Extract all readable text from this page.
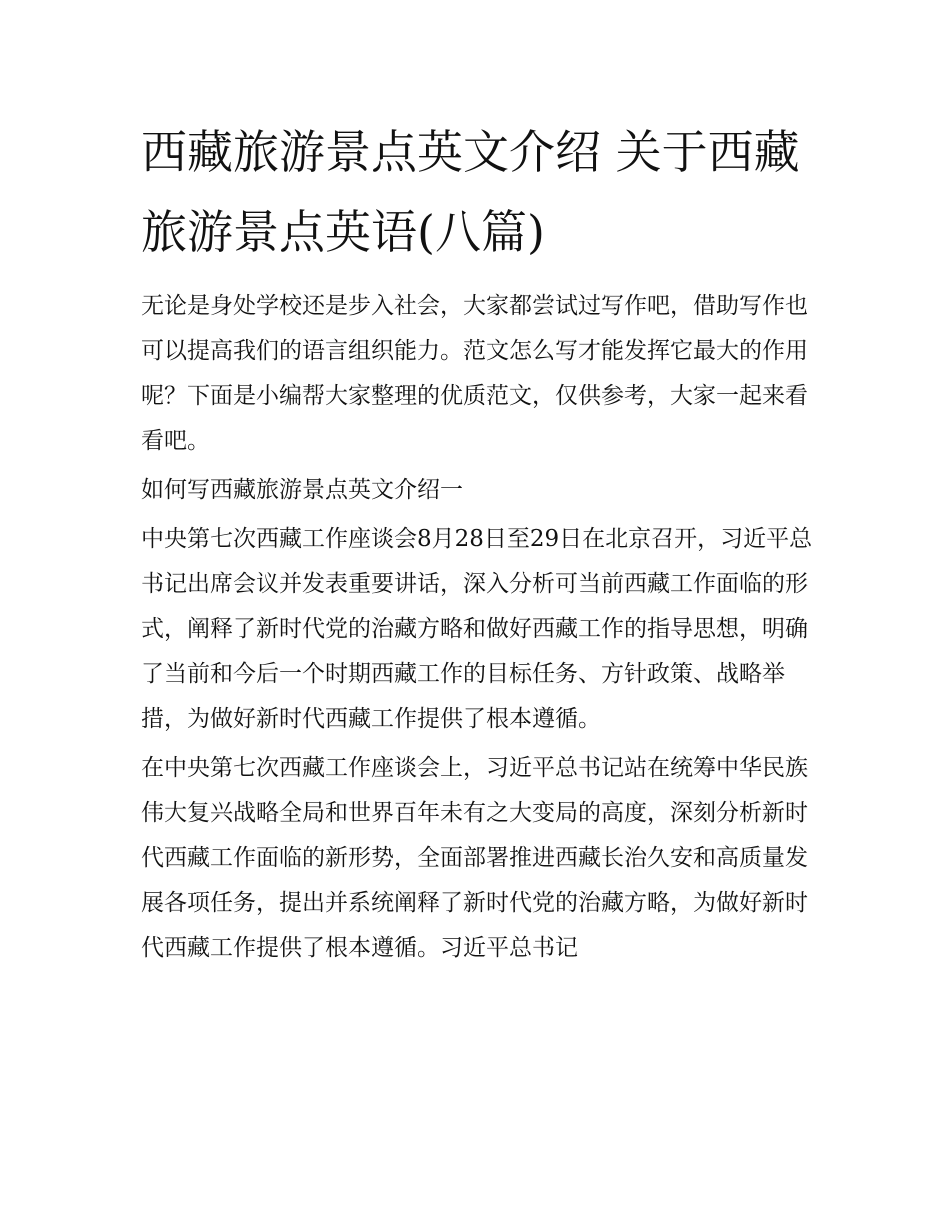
西藏旅游景点英文介绍 关于西藏旅游景点英语(八篇)

无论是身处学校还是步入社会，大家都尝试过写作吧，借助写作也可以提高我们的语言组织能力。范文怎么写才能发挥它最大的作用呢？下面是小编帮大家整理的优质范文，仅供参考，大家一起来看看吧。

如何写西藏旅游景点英文介绍一

中央第七次西藏工作座谈会8月28日至29日在北京召开，习近平总书记出席会议并发表重要讲话，深入分析可当前西藏工作面临的形式，阐释了新时代党的治藏方略和做好西藏工作的指导思想，明确了当前和今后一个时期西藏工作的目标任务、方针政策、战略举措，为做好新时代西藏工作提供了根本遵循。

在中央第七次西藏工作座谈会上，习近平总书记站在统筹中华民族伟大复兴战略全局和世界百年未有之大变局的高度，深刻分析新时代西藏工作面临的新形势，全面部署推进西藏长治久安和高质量发展各项任务，提出并系统阐释了新时代党的治藏方略，为做好新时代西藏工作提供了根本遵循。习近平总书记
